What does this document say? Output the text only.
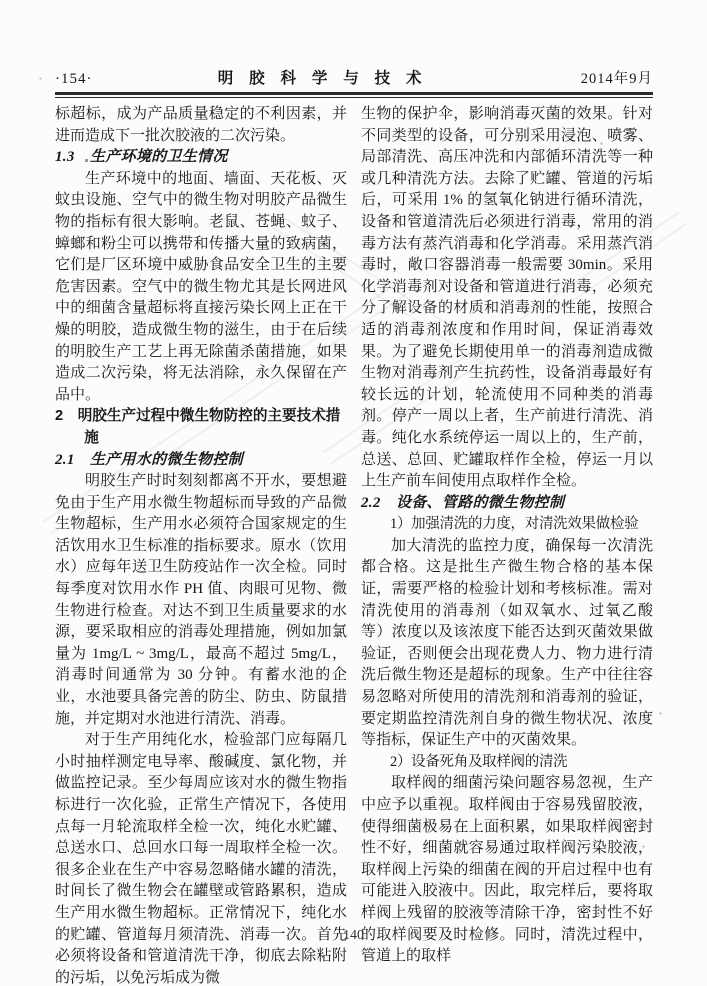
·154·	明 胶 科 学 与 技 术	2014年9月
标超标，成为产品质量稳定的不利因素，并进而造成下一批次胶液的二次污染。
1.3　生产环境的卫生情况
生产环境中的地面、墙面、天花板、灭蚊虫设施、空气中的微生物对明胶产品微生物的指标有很大影响。老鼠、苍蝇、蚊子、蟑螂和粉尘可以携带和传播大量的致病菌，它们是厂区环境中威胁食品安全卫生的主要危害因素。空气中的微生物尤其是长网进风中的细菌含量超标将直接污染长网上正在干燥的明胶，造成微生物的滋生，由于在后续的明胶生产工艺上再无除菌杀菌措施，如果造成二次污染，将无法消除，永久保留在产品中。
2　明胶生产过程中微生物防控的主要技术措施
2.1　生产用水的微生物控制
明胶生产时时刻刻都离不开水，要想避免由于生产用水微生物超标而导致的产品微生物超标，生产用水必须符合国家规定的生活饮用水卫生标准的指标要求。原水（饮用水）应每年送卫生防疫站作一次全检。同时每季度对饮用水作 PH 值、肉眼可见物、微生物进行检查。对达不到卫生质量要求的水源，要采取相应的消毒处理措施，例如加氯量为 1mg/L ~ 3mg/L，最高不超过 5mg/L，消毒时间通常为 30 分钟。有蓄水池的企业，水池要具备完善的防尘、防虫、防鼠措施，并定期对水池进行清洗、消毒。
对于生产用纯化水，检验部门应每隔几小时抽样测定电导率、酸碱度、氯化物，并做监控记录。至少每周应该对水的微生物指标进行一次化验，正常生产情况下，各使用点每一月轮流取样全检一次，纯化水贮罐、总送水口、总回水口每一周取样全检一次。很多企业在生产中容易忽略储水罐的清洗，时间长了微生物会在罐壁或管路累积，造成生产用水微生物超标。正常情况下，纯化水的贮罐、管道每月须清洗、消毒一次。首先必须将设备和管道清洗干净，彻底去除粘附的污垢，以免污垢成为微
生物的保护伞，影响消毒灭菌的效果。针对不同类型的设备，可分别采用浸泡、喷雾、局部清洗、高压冲洗和内部循环清洗等一种或几种清洗方法。去除了贮罐、管道的污垢后，可采用 1% 的氢氧化钠进行循环清洗，设备和管道清洗后必须进行消毒，常用的消毒方法有蒸汽消毒和化学消毒。采用蒸汽消毒时，敞口容器消毒一般需要 30min。采用化学消毒剂对设备和管道进行消毒，必须充分了解设备的材质和消毒剂的性能，按照合适的消毒剂浓度和作用时间，保证消毒效果。为了避免长期使用单一的消毒剂造成微生物对消毒剂产生抗药性，设备消毒最好有较长远的计划，轮流使用不同种类的消毒剂。停产一周以上者，生产前进行清洗、消毒。纯化水系统停运一周以上的，生产前，总送、总回、贮罐取样作全检，停运一月以上生产前车间使用点取样作全检。
2.2　设备、管路的微生物控制
1）加强清洗的力度，对清洗效果做检验
加大清洗的监控力度，确保每一次清洗都合格。这是批生产微生物合格的基本保证，需要严格的检验计划和考核标准。需对清洗使用的消毒剂（如双氧水、过氧乙酸等）浓度以及该浓度下能否达到灭菌效果做验证，否则便会出现花费人力、物力进行清洗后微生物还是超标的现象。生产中往往容易忽略对所使用的清洗剂和消毒剂的验证，要定期监控清洗剂自身的微生物状况、浓度等指标，保证生产中的灭菌效果。
2）设备死角及取样阀的清洗
取样阀的细菌污染问题容易忽视，生产中应予以重视。取样阀由于容易残留胶液，使得细菌极易在上面积累，如果取样阀密封性不好，细菌就容易通过取样阀污染胶液，取样阀上污染的细菌在阀的开启过程中也有可能进入胶液中。因此，取完样后，要将取样阀上残留的胶液等清除干净，密封性不好的取样阀要及时检修。同时，清洗过程中，管道上的取样
140
